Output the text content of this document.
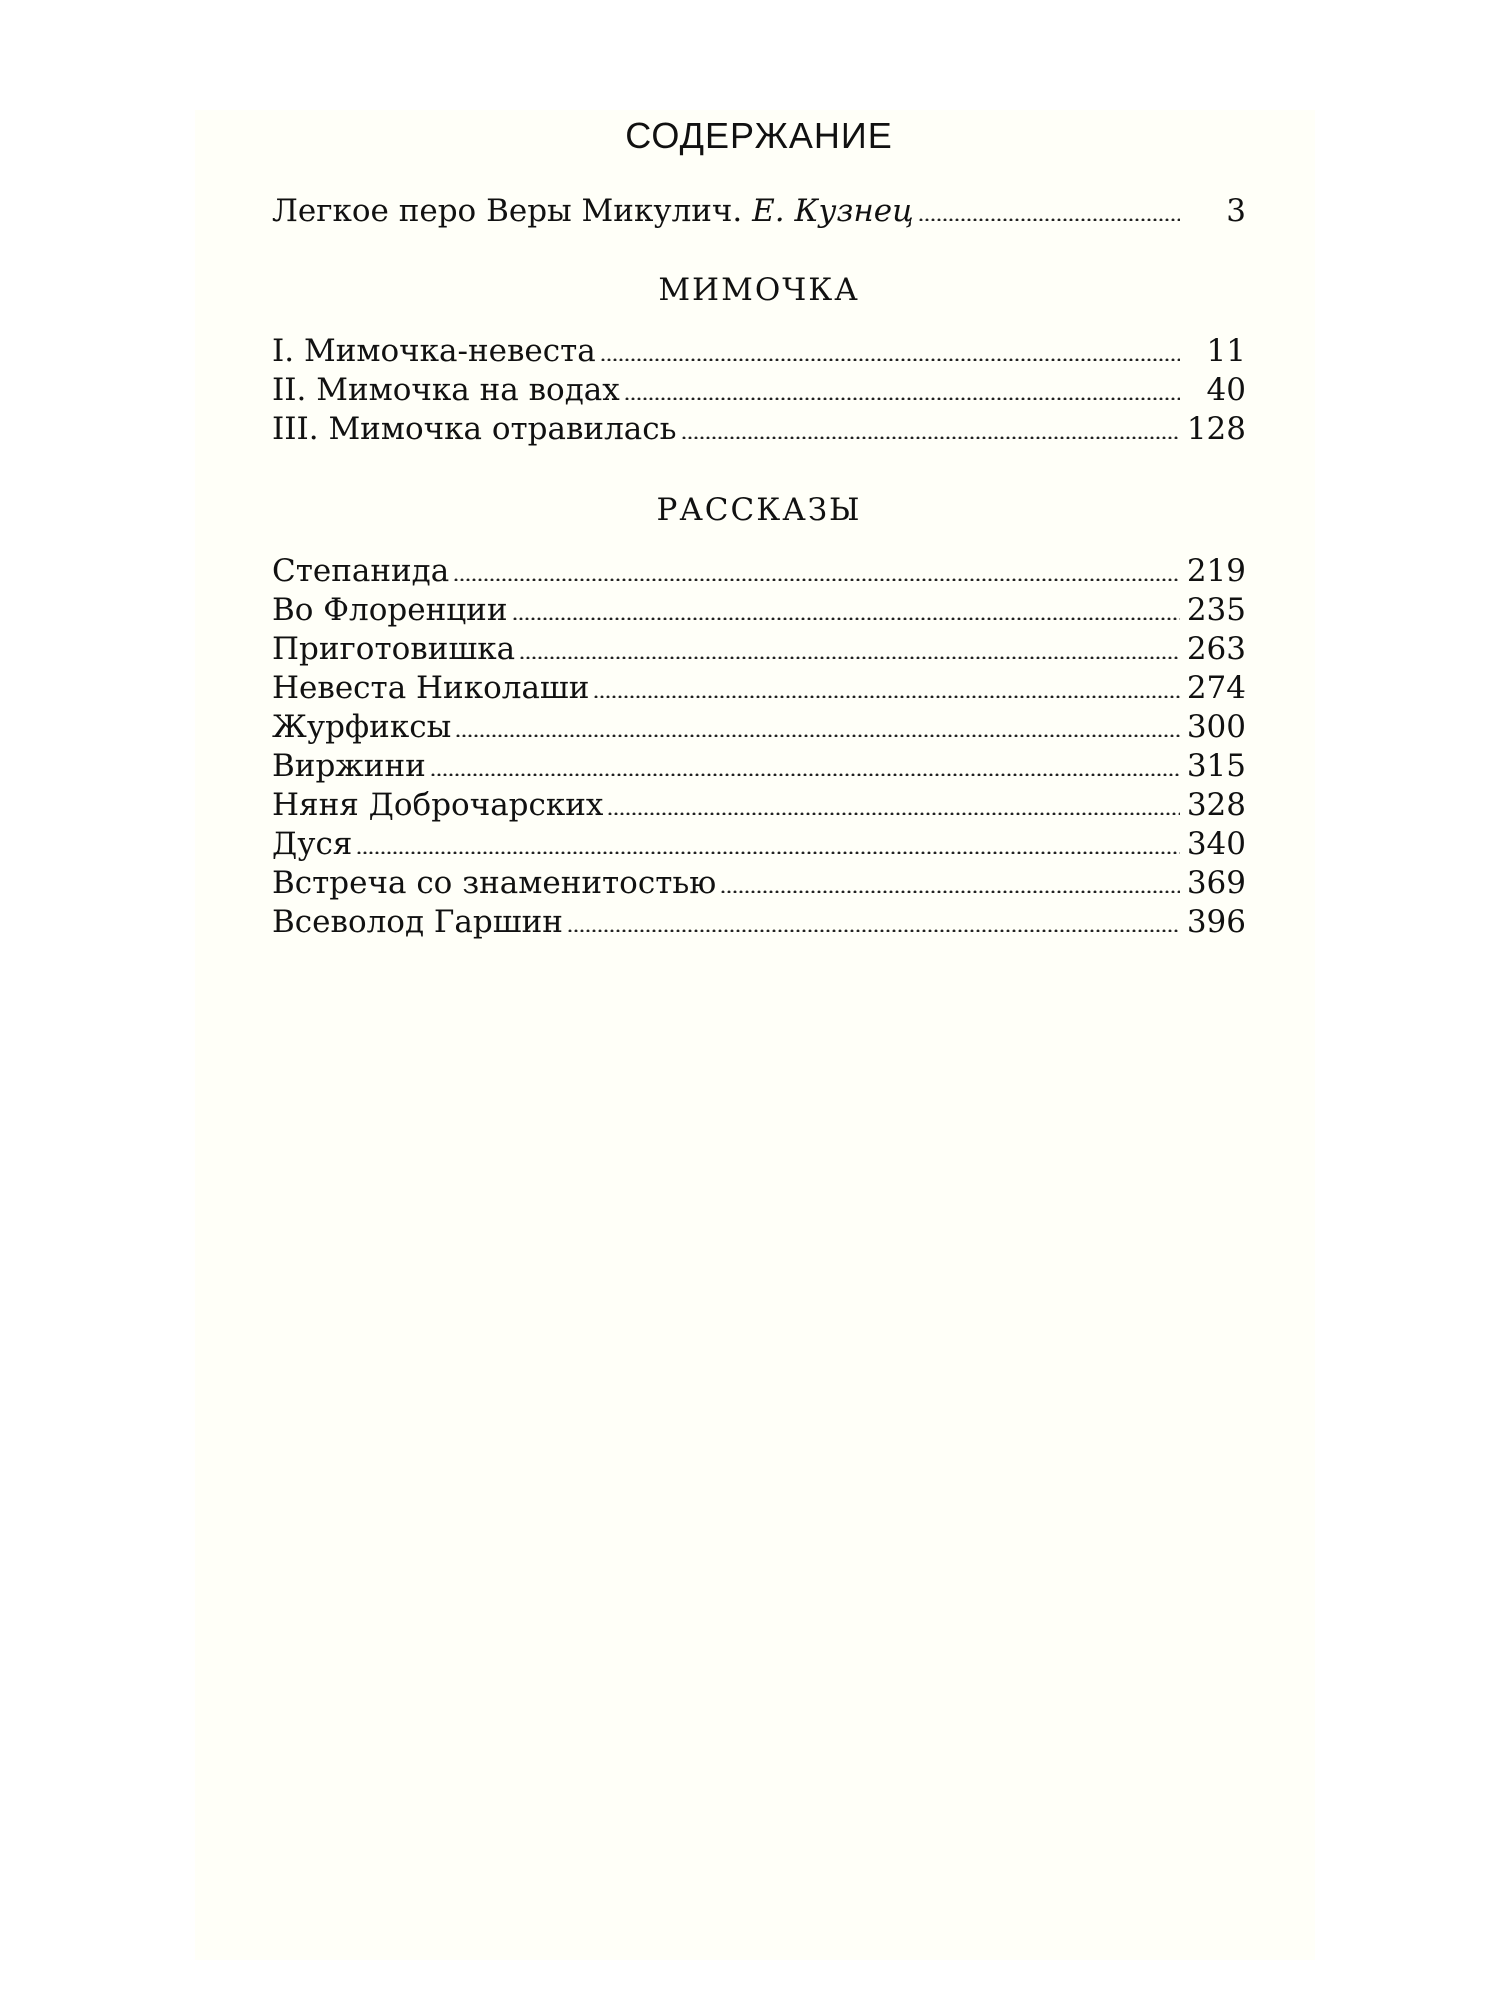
СОДЕРЖАНИЕ
Легкое перо Веры Микулич. Е. Кузнец	3
МИМОЧКА
I. Мимочка-невеста	11
II. Мимочка на водах	40
III. Мимочка отравилась	128
РАССКАЗЫ
Степанида	219
Во Флоренции	235
Приготовишка	263
Невеста Николаши	274
Журфиксы	300
Виржини	315
Няня Доброчарских	328
Дуся	340
Встреча со знаменитостью	369
Всеволод Гаршин	396
